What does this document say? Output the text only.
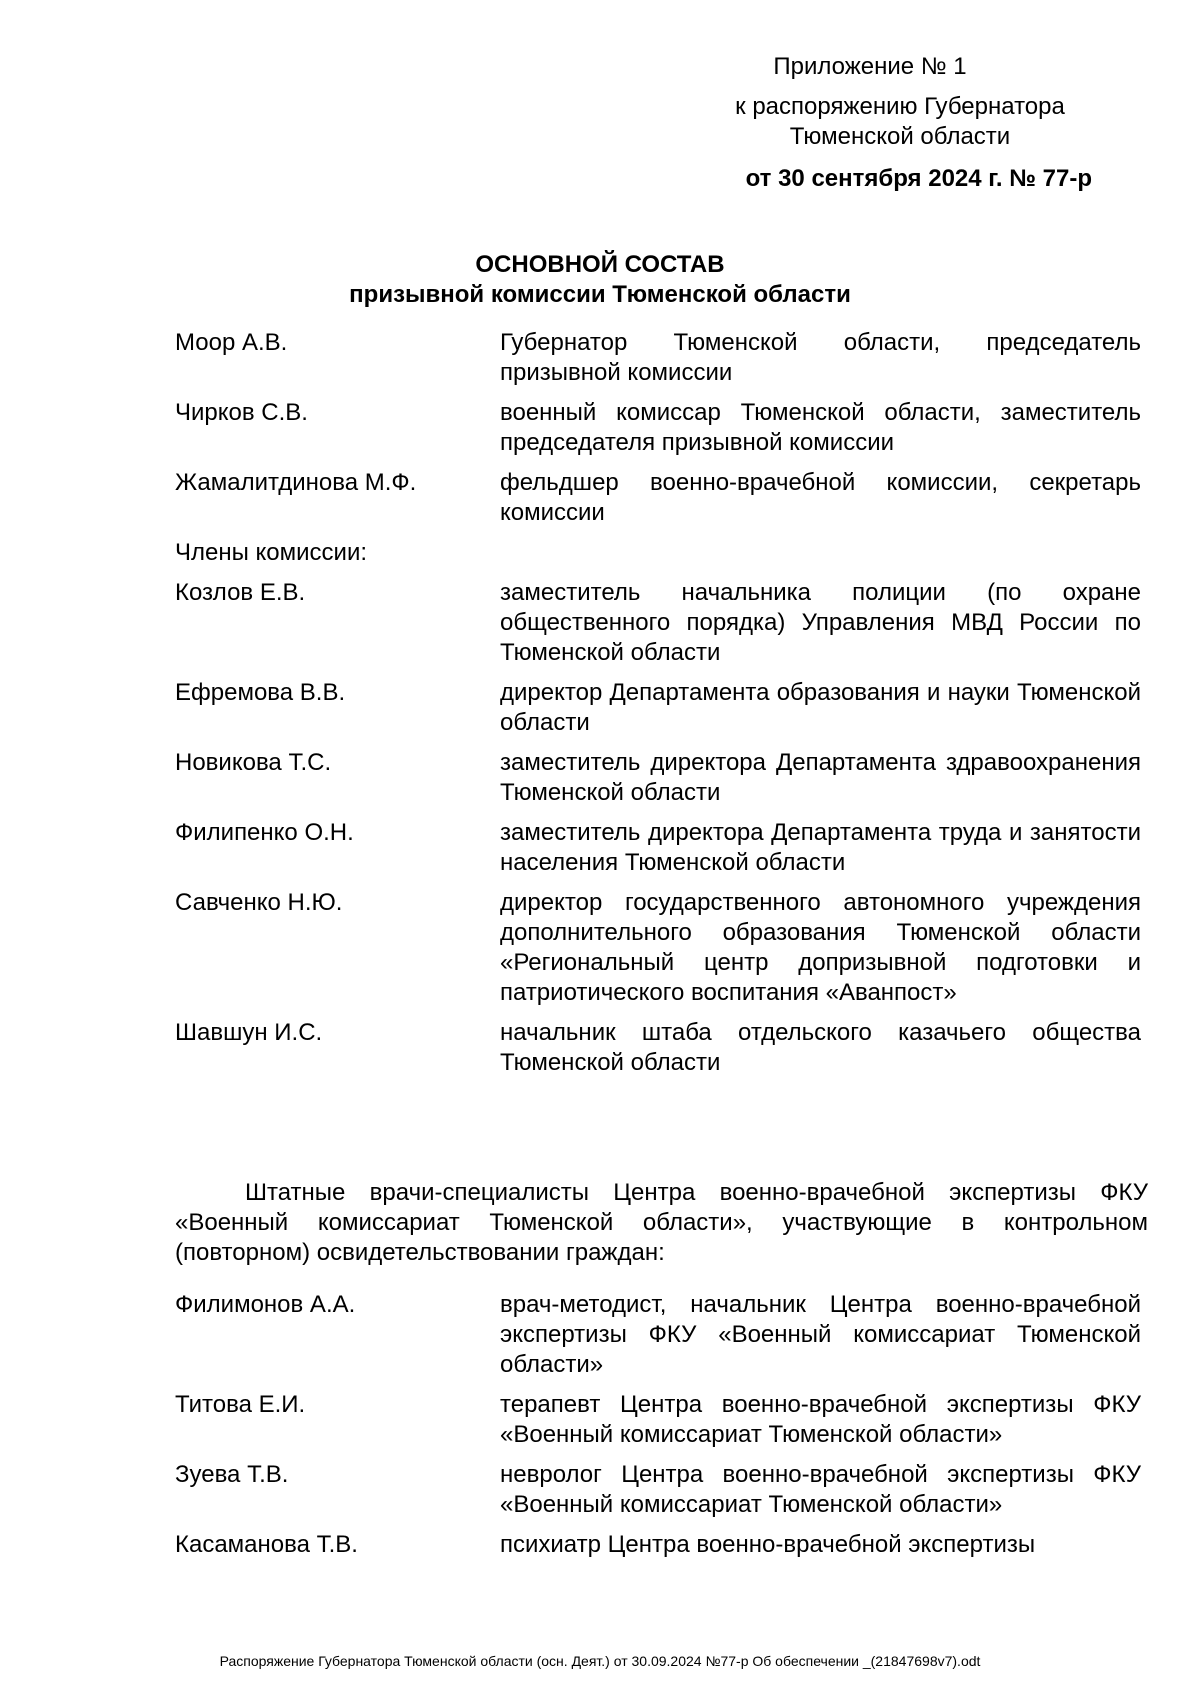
Приложение № 1
к распоряжению Губернатора
Тюменской области
от 30 сентября 2024 г. № 77-р
ОСНОВНОЙ СОСТАВ
призывной комиссии Тюменской области
Моор А.В.	Губернатор Тюменской области, председатель призывной комиссии
Чирков С.В.	военный комиссар Тюменской области, заместитель председателя призывной комиссии
Жамалитдинова М.Ф.	фельдшер военно-врачебной комиссии, секретарь комиссии
Члены комиссии:
Козлов Е.В.	заместитель начальника полиции (по охране общественного порядка) Управления МВД России по Тюменской области
Ефремова В.В.	директор Департамента образования и науки Тюменской области
Новикова Т.С.	заместитель директора Департамента здравоохранения Тюменской области
Филипенко О.Н.	заместитель директора Департамента труда и занятости населения Тюменской области
Савченко Н.Ю.	директор государственного автономного учреждения дополнительного образования Тюменской области «Региональный центр допризывной подготовки и патриотического воспитания «Аванпост»
Шавшун И.С.	начальник штаба отдельского казачьего общества Тюменской области
Штатные врачи-специалисты Центра военно-врачебной экспертизы ФКУ «Военный комиссариат Тюменской области», участвующие в контрольном (повторном) освидетельствовании граждан:
Филимонов А.А.	врач-методист, начальник Центра военно-врачебной экспертизы ФКУ «Военный комиссариат Тюменской области»
Титова Е.И.	терапевт Центра военно-врачебной экспертизы ФКУ «Военный комиссариат Тюменской области»
Зуева Т.В.	невролог Центра военно-врачебной экспертизы ФКУ «Военный комиссариат Тюменской области»
Касаманова Т.В.	психиатр Центра военно-врачебной экспертизы
Распоряжение Губернатора Тюменской области (осн. Деят.) от 30.09.2024 №77-р Об обеспечении _(21847698v7).odt
